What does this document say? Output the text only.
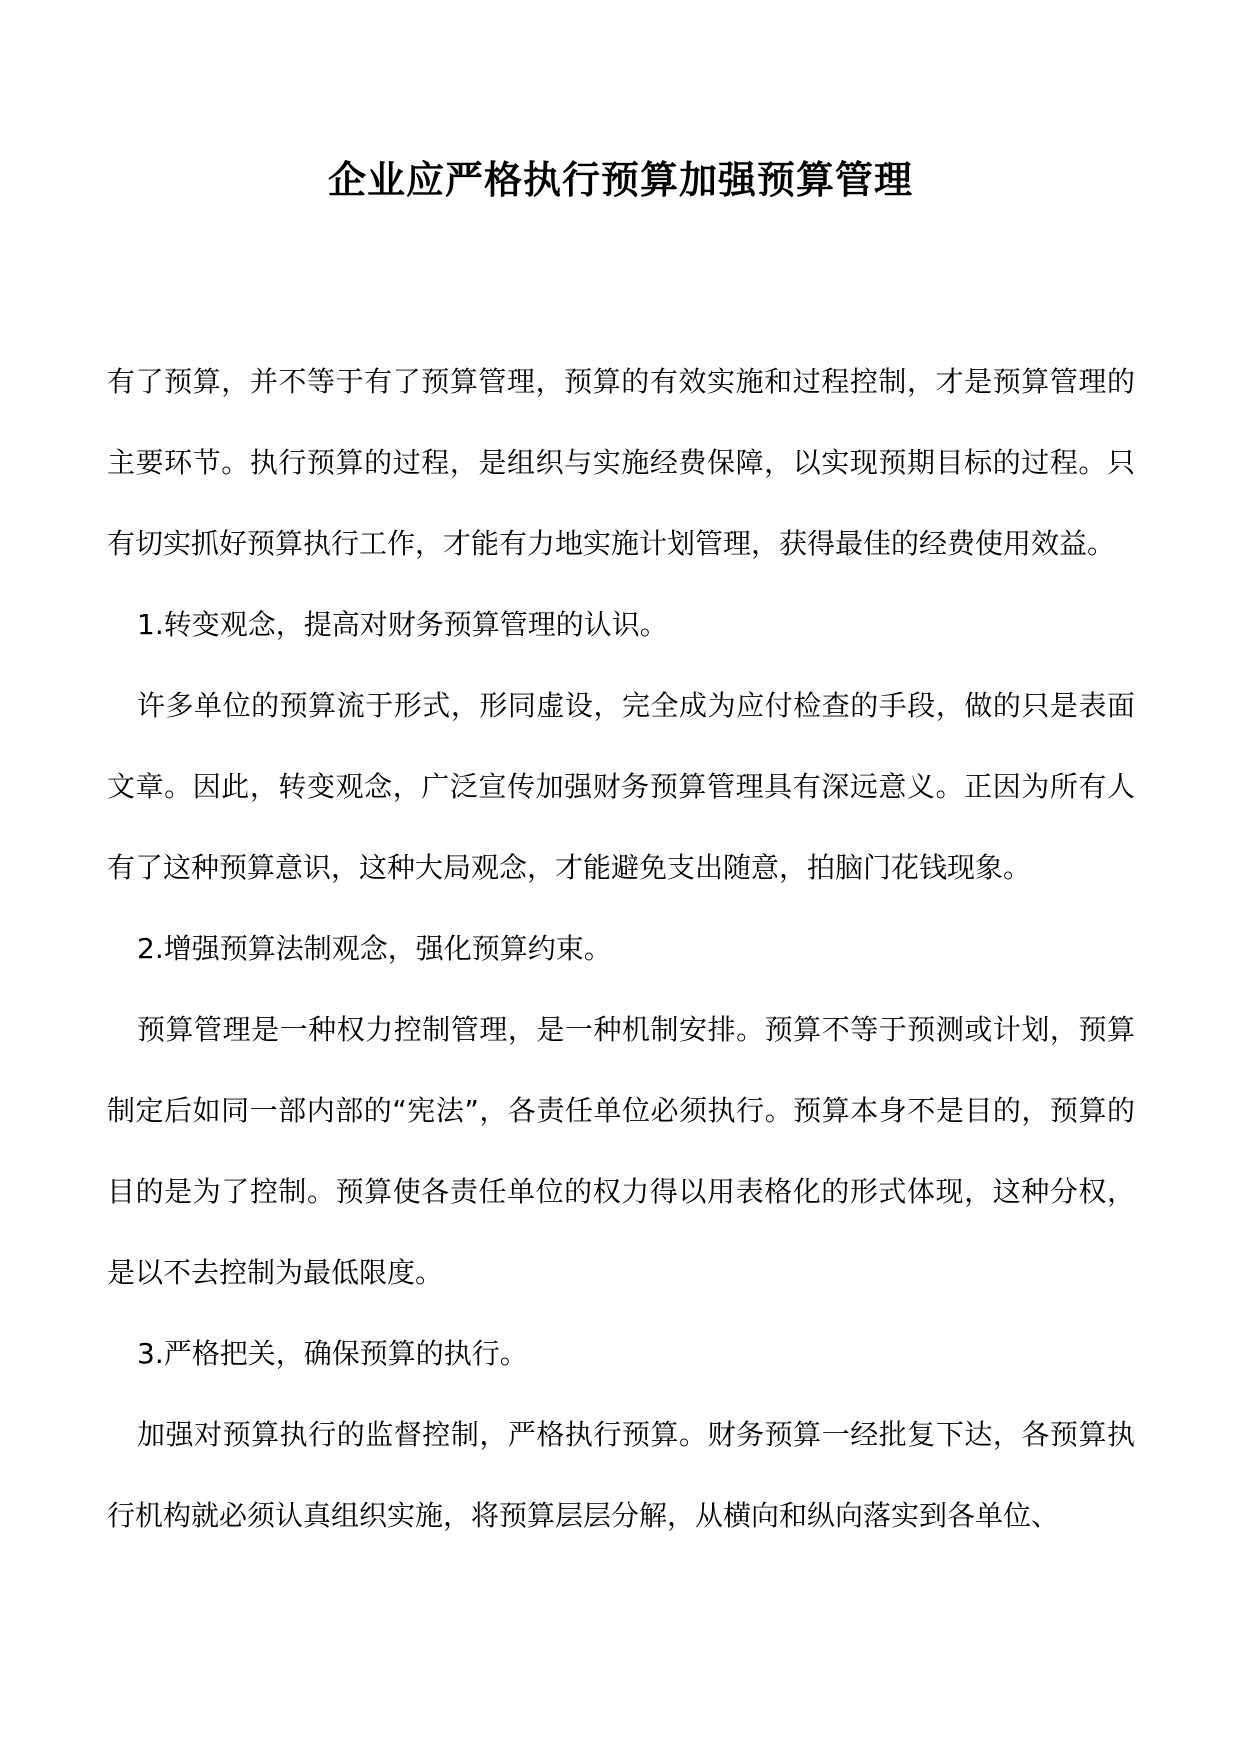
企业应严格执行预算加强预算管理

有了预算，并不等于有了预算管理，预算的有效实施和过程控制，才是预算管理的主要环节。执行预算的过程，是组织与实施经费保障，以实现预期目标的过程。只有切实抓好预算执行工作，才能有力地实施计划管理，获得最佳的经费使用效益。

1.转变观念，提高对财务预算管理的认识。

许多单位的预算流于形式，形同虚设，完全成为应付检查的手段，做的只是表面文章。因此，转变观念，广泛宣传加强财务预算管理具有深远意义。正因为所有人有了这种预算意识，这种大局观念，才能避免支出随意，拍脑门花钱现象。

2.增强预算法制观念，强化预算约束。

预算管理是一种权力控制管理，是一种机制安排。预算不等于预测或计划，预算制定后如同一部内部的“宪法”，各责任单位必须执行。预算本身不是目的，预算的目的是为了控制。预算使各责任单位的权力得以用表格化的形式体现，这种分权，是以不去控制为最低限度。

3.严格把关，确保预算的执行。

加强对预算执行的监督控制，严格执行预算。财务预算一经批复下达，各预算执行机构就必须认真组织实施，将预算层层分解，从横向和纵向落实到各单位、
